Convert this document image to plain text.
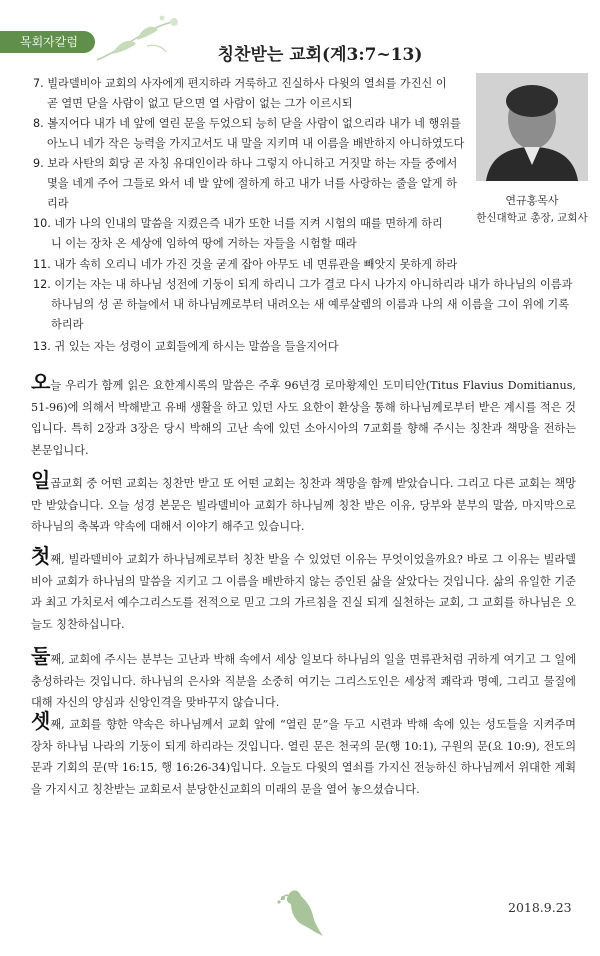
목회자칼럼
칭찬받는 교회(계3:7~13)
7. 빌라델비아 교회의 사자에게 편지하라 거룩하고 진실하사 다윗의 열쇠를 가진신 이
곧 열면 닫을 사람이 없고 닫으면 열 사람이 없는 그가 이르시되
8. 볼지어다 내가 네 앞에 열린 문을 두었으되 능히 닫을 사람이 없으리라 내가 네 행위를
아노니 네가 작은 능력을 가지고서도 내 말을 지키며 내 이름을 배반하지 아니하였도다
9. 보라 사탄의 회당 곧 자칭 유대인이라 하나 그렇지 아니하고 거짓말 하는 자들 중에서
몇을 네게 주어 그들로 와서 네 발 앞에 절하게 하고 내가 너를 사랑하는 줄을 알게 하
리라
10. 네가 나의 인내의 말씀을 지켰은즉 내가 또한 너를 지켜 시험의 때를 면하게 하리
니 이는 장차 온 세상에 임하여 땅에 거하는 자들을 시험할 때라
11. 내가 속히 오리니 네가 가진 것을 굳게 잡아 아무도 네 면류관을 빼앗지 못하게 하라
12. 이기는 자는 내 하나님 성전에 기둥이 되게 하리니 그가 결코 다시 나가지 아니하리라 내가 하나님의 이름과
하나님의 성 곧 하늘에서 내 하나님께로부터 내려오는 새 예루살렘의 이름과 나의 새 이름을 그이 위에 기록
하리라
13. 귀 있는 자는 성령이 교회들에게 하시는 말씀을 들을지어다
연규홍목사
한신대학교 총장, 교회사
오늘 우리가 함께 읽은 요한계시록의 말씀은 주후 96년경 로마황제인 도미티안(Titus Flavius Domitianus, 51-96)에 의해서 박해받고 유배 생활을 하고 있던 사도 요한이 환상을 통해 하나님께로부터 받은 계시를 적은 것입니다. 특히 2장과 3장은 당시 박해의 고난 속에 있던 소아시아의 7교회를 향해 주시는 칭찬과 책망을 전하는 본문입니다.
일곱교회 중 어떤 교회는 칭찬만 받고 또 어떤 교회는 칭찬과 책망을 함께 받았습니다. 그리고 다른 교회는 책망만 받았습니다. 오늘 성경 본문은 빌라델비아 교회가 하나님께 칭찬 받은 이유, 당부와 분부의 말씀, 마지막으로 하나님의 축복과 약속에 대해서 이야기 해주고 있습니다.
첫째, 빌라델비아 교회가 하나님께로부터 칭찬 받을 수 있었던 이유는 무엇이었을까요? 바로 그 이유는 빌라델비아 교회가 하나님의 말씀을 지키고 그 이름을 배반하지 않는 증인된 삶을 살았다는 것입니다. 삶의 유일한 기준과 최고 가치로서 예수그리스도를 전적으로 믿고 그의 가르침을 진실 되게 실천하는 교회, 그 교회를 하나님은 오늘도 칭찬하십니다.
둘째, 교회에 주시는 분부는 고난과 박해 속에서 세상 일보다 하나님의 일을 면류관처럼 귀하게 여기고 그 일에 충성하라는 것입니다. 하나님의 은사와 직분을 소중히 여기는 그리스도인은 세상적 쾌락과 명예, 그리고 물질에 대해 자신의 양심과 신앙인격을 맞바꾸지 않습니다.
셋째, 교회를 향한 약속은 하나님께서 교회 앞에 “열린 문”을 두고 시련과 박해 속에 있는 성도들을 지켜주며 장차 하나님 나라의 기둥이 되게 하리라는 것입니다. 열린 문은 천국의 문(행 10:1), 구원의 문(요 10:9), 전도의 문과 기회의 문(막 16:15, 행 16:26-34)입니다. 오늘도 다윗의 열쇠를 가지신 전능하신 하나님께서 위대한 계획을 가지시고 칭찬받는 교회로서 분당한신교회의 미래의 문을 열어 놓으셨습니다.
2018.9.23
